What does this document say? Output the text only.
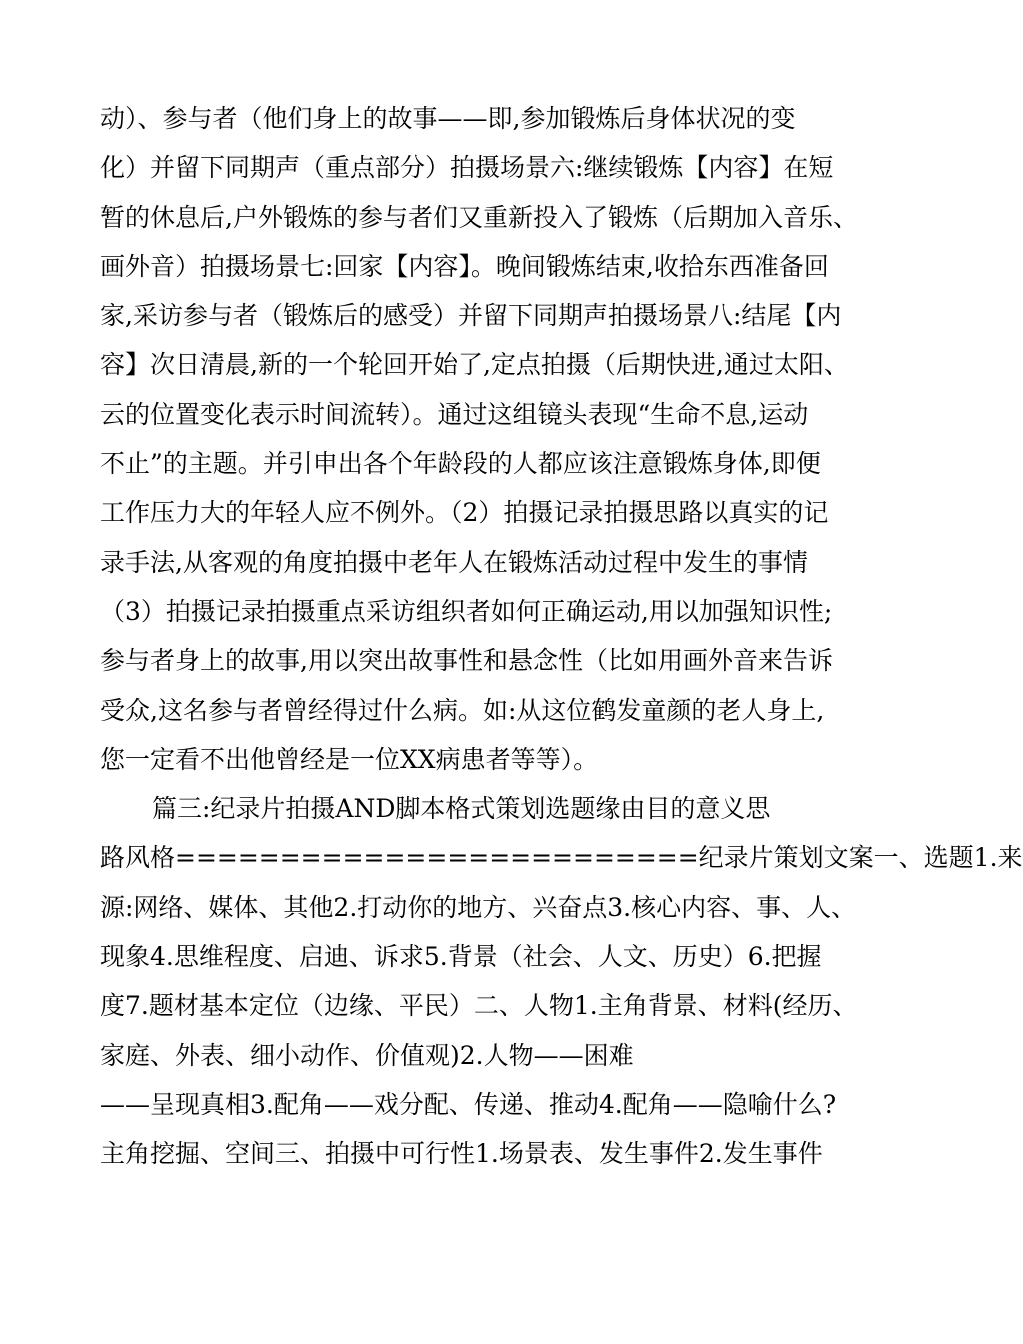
动）、参与者（他们身上的故事——即,参加锻炼后身体状况的变
化）并留下同期声（重点部分）拍摄场景六:继续锻炼【内容】在短
暂的休息后,户外锻炼的参与者们又重新投入了锻炼（后期加入音乐、
画外音）拍摄场景七:回家【内容】。晚间锻炼结束,收拾东西准备回
家,采访参与者（锻炼后的感受）并留下同期声拍摄场景八:结尾【内
容】次日清晨,新的一个轮回开始了,定点拍摄（后期快进,通过太阳、
云的位置变化表示时间流转）。通过这组镜头表现“生命不息,运动
不止”的主题。并引申出各个年龄段的人都应该注意锻炼身体,即便
工作压力大的年轻人应不例外。（2）拍摄记录拍摄思路以真实的记
录手法,从客观的角度拍摄中老年人在锻炼活动过程中发生的事情
（3）拍摄记录拍摄重点采访组织者如何正确运动,用以加强知识性;
参与者身上的故事,用以突出故事性和悬念性（比如用画外音来告诉
受众,这名参与者曾经得过什么病。如:从这位鹤发童颜的老人身上,
您一定看不出他曾经是一位XX病患者等等）。
篇三:纪录片拍摄AND脚本格式策划选题缘由目的意义思
路风格=========================纪录片策划文案一、选题1.来
源:网络、媒体、其他2.打动你的地方、兴奋点3.核心内容、事、人、
现象4.思维程度、启迪、诉求5.背景（社会、人文、历史）6.把握
度7.题材基本定位（边缘、平民）二、人物1.主角背景、材料(经历、
家庭、外表、细小动作、价值观)2.人物——困难
——呈现真相3.配角——戏分配、传递、推动4.配角——隐喻什么?
主角挖掘、空间三、拍摄中可行性1.场景表、发生事件2.发生事件
